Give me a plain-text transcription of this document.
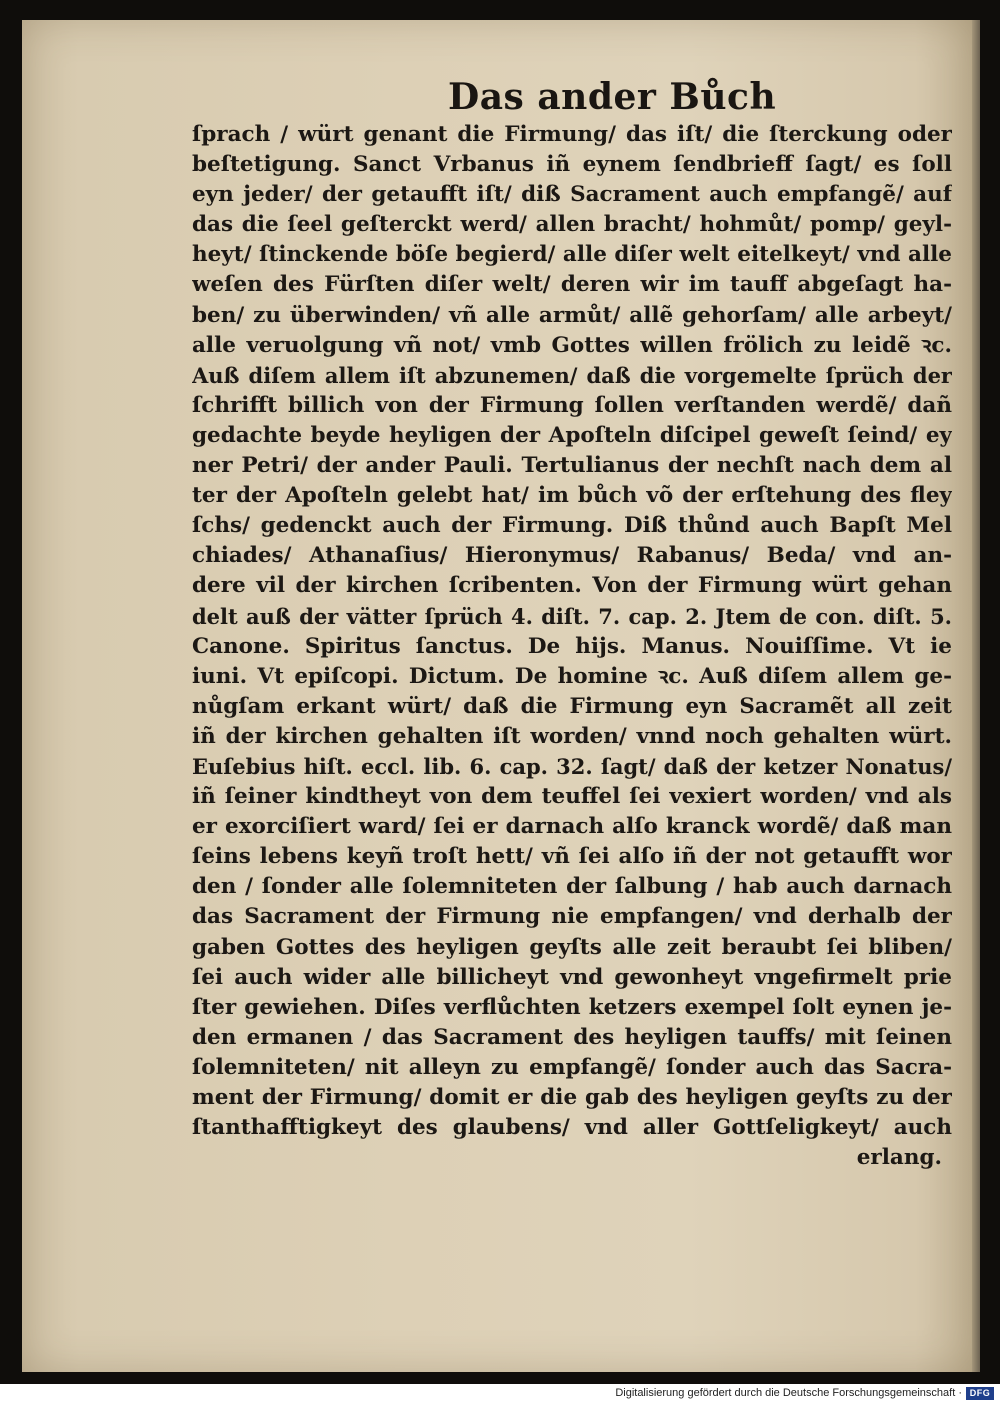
Das ander Bůch
ſprach / würt genant die Firmung/ das iſt/ die ſterckung oder
beſtetigung. Sanct Vrbanus iñ eynem ſendbrieff ſagt/ es ſoll
eyn jeder/ der getaufft iſt/ diß Sacrament auch empfangẽ/ auf
das die ſeel geſterckt werd/ allen bracht/ hohmůt/ pomp/ geyl-
heyt/ ſtinckende böſe begierd/ alle diſer welt eitelkeyt/ vnd alle
weſen des Fürſten diſer welt/ deren wir im tauff abgeſagt ha-
ben/ zu überwinden/ vñ alle armůt/ allẽ gehorſam/ alle arbeyt/
alle veruolgung vñ not/ vmb Gottes willen frölich zu leidẽ ꝛc.
Auß diſem allem iſt abzunemen/ daß die vorgemelte ſprüch der
ſchrifft billich von der Firmung ſollen verſtanden werdẽ/ dañ
gedachte beyde heyligen der Apoſteln diſcipel geweſt ſeind/ ey
ner Petri/ der ander Pauli. Tertulianus der nechſt nach dem al
ter der Apoſteln gelebt hat/ im bůch võ der erſtehung des fley
ſchs/ gedenckt auch der Firmung. Diß thůnd auch Bapſt Mel
chiades/ Athanaſius/ Hieronymus/ Rabanus/ Beda/ vnd an-
dere vil der kirchen ſcribenten. Von der Firmung würt gehan
delt auß der vätter ſprüch 4. diſt. 7. cap. 2. Jtem de con. diſt. 5.
Canone. Spiritus ſanctus. De hijs. Manus. Nouiſſime. Vt ie
iuni. Vt epiſcopi. Dictum. De homine ꝛc. Auß diſem allem ge-
nůgſam erkant würt/ daß die Firmung eyn Sacramẽt all zeit
iñ der kirchen gehalten iſt worden/ vnnd noch gehalten würt.
Euſebius hiſt. eccl. lib. 6. cap. 32. ſagt/ daß der ketzer Nonatus/
iñ ſeiner kindtheyt von dem teuffel ſei vexiert worden/ vnd als
er exorciſiert ward/ ſei er darnach alſo kranck wordẽ/ daß man
ſeins lebens keyñ troſt hett/ vñ ſei alſo iñ der not getaufft wor
den / ſonder alle ſolemniteten der ſalbung / hab auch darnach
das Sacrament der Firmung nie empfangen/ vnd derhalb der
gaben Gottes des heyligen geyſts alle zeit beraubt ſei bliben/
ſei auch wider alle billicheyt vnd gewonheyt vngefirmelt prie
ſter gewiehen. Diſes verflůchten ketzers exempel ſolt eynen je-
den ermanen / das Sacrament des heyligen tauffs/ mit ſeinen
ſolemniteten/ nit alleyn zu empfangẽ/ ſonder auch das Sacra-
ment der Firmung/ domit er die gab des heyligen geyſts zu der
ſtanthafftigkeyt des glaubens/ vnd aller Gottſeligkeyt/ auch
erlang.
Digitalisierung gefördert durch die Deutsche Forschungsgemeinschaft · DFG
